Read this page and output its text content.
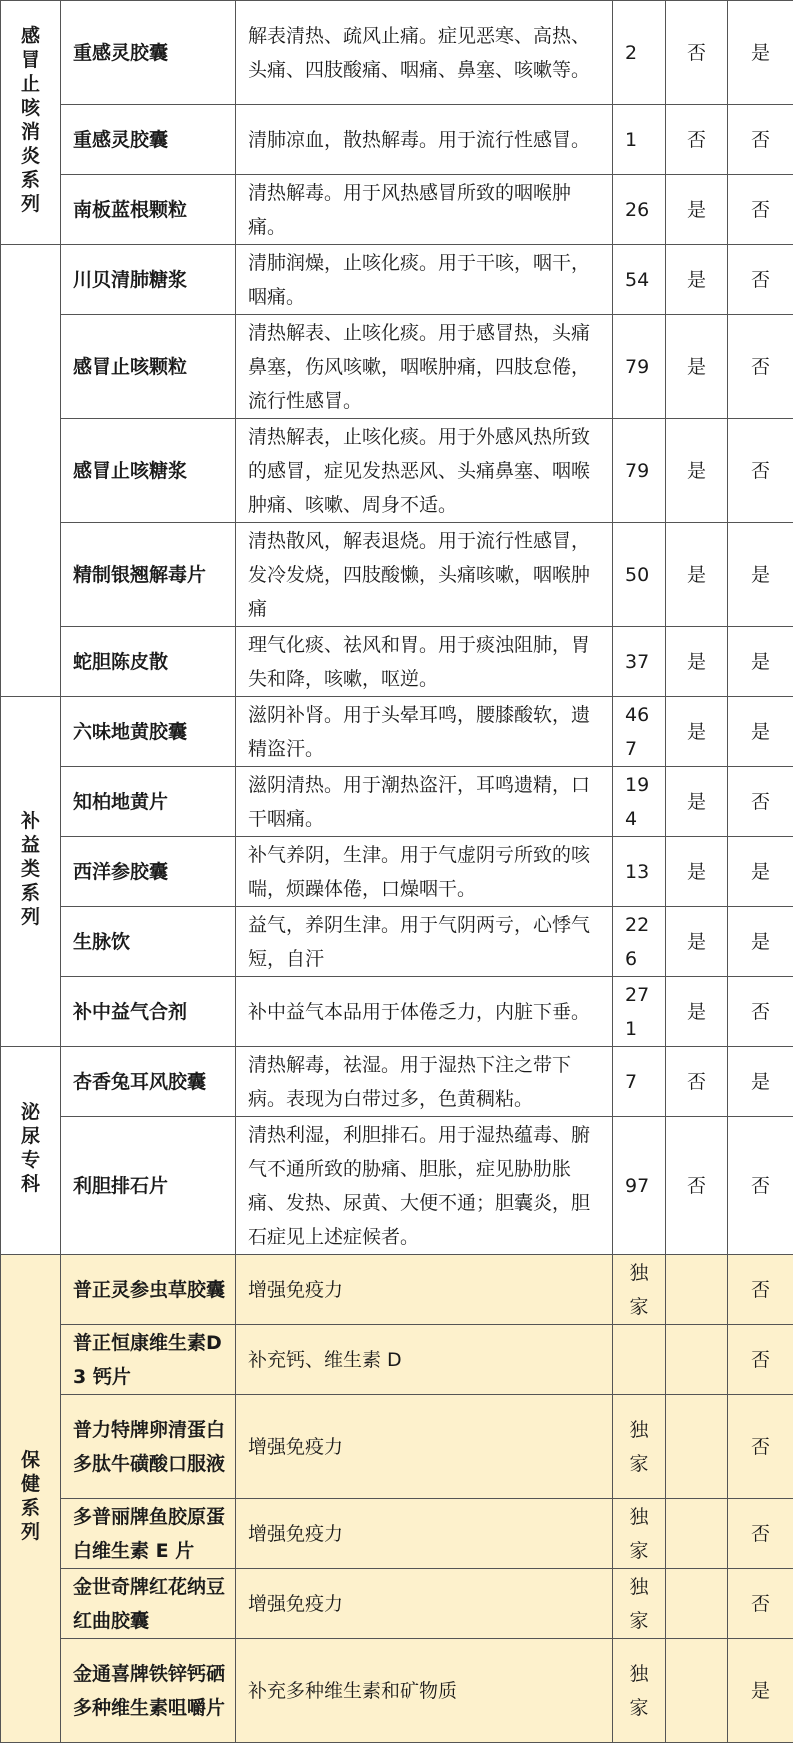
感冒止咳消炎系列	重感灵胶囊	解表清热、疏风止痛。症见恶寒、高热、头痛、四肢酸痛、咽痛、鼻塞、咳嗽等。	2	否	是
	重感灵胶囊	清肺凉血，散热解毒。用于流行性感冒。	1	否	否
	南板蓝根颗粒	清热解毒。用于风热感冒所致的咽喉肿痛。	26	是	否
	川贝清肺糖浆	清肺润燥，止咳化痰。用于干咳，咽干，咽痛。	54	是	否
	感冒止咳颗粒	清热解表、止咳化痰。用于感冒热，头痛鼻塞，伤风咳嗽，咽喉肿痛，四肢怠倦，流行性感冒。	79	是	否
	感冒止咳糖浆	清热解表，止咳化痰。用于外感风热所致的感冒，症见发热恶风、头痛鼻塞、咽喉肿痛、咳嗽、周身不适。	79	是	否
	精制银翘解毒片	清热散风，解表退烧。用于流行性感冒，发冷发烧，四肢酸懒，头痛咳嗽，咽喉肿痛	50	是	是
	蛇胆陈皮散	理气化痰、祛风和胃。用于痰浊阻肺，胃失和降，咳嗽，呕逆。	37	是	是
补益类系列	六味地黄胶囊	滋阴补肾。用于头晕耳鸣，腰膝酸软，遗精盗汗。	467	是	是
	知柏地黄片	滋阴清热。用于潮热盗汗，耳鸣遗精，口干咽痛。	194	是	否
	西洋参胶囊	补气养阴，生津。用于气虚阴亏所致的咳喘，烦躁体倦，口燥咽干。	13	是	是
	生脉饮	益气，养阴生津。用于气阴两亏，心悸气短，自汗	226	是	是
	补中益气合剂	补中益气本品用于体倦乏力，内脏下垂。	271	是	否
泌尿专科	杏香兔耳风胶囊	清热解毒，祛湿。用于湿热下注之带下病。表现为白带过多，色黄稠粘。	7	否	是
	利胆排石片	清热利湿，利胆排石。用于湿热蕴毒、腑气不通所致的胁痛、胆胀，症见胁肋胀痛、发热、尿黄、大便不通；胆囊炎，胆石症见上述症候者。	97	否	否
保健系列	普正灵参虫草胶囊	增强免疫力	独家		否
	普正恒康维生素D3 钙片	补充钙、维生素 D			否
	普力特牌卵清蛋白多肽牛磺酸口服液	增强免疫力	独家		否
	多普丽牌鱼胶原蛋白维生素 E 片	增强免疫力	独家		否
	金世奇牌红花纳豆红曲胶囊	增强免疫力	独家		否
	金通喜牌铁锌钙硒多种维生素咀嚼片	补充多种维生素和矿物质	独家		是
